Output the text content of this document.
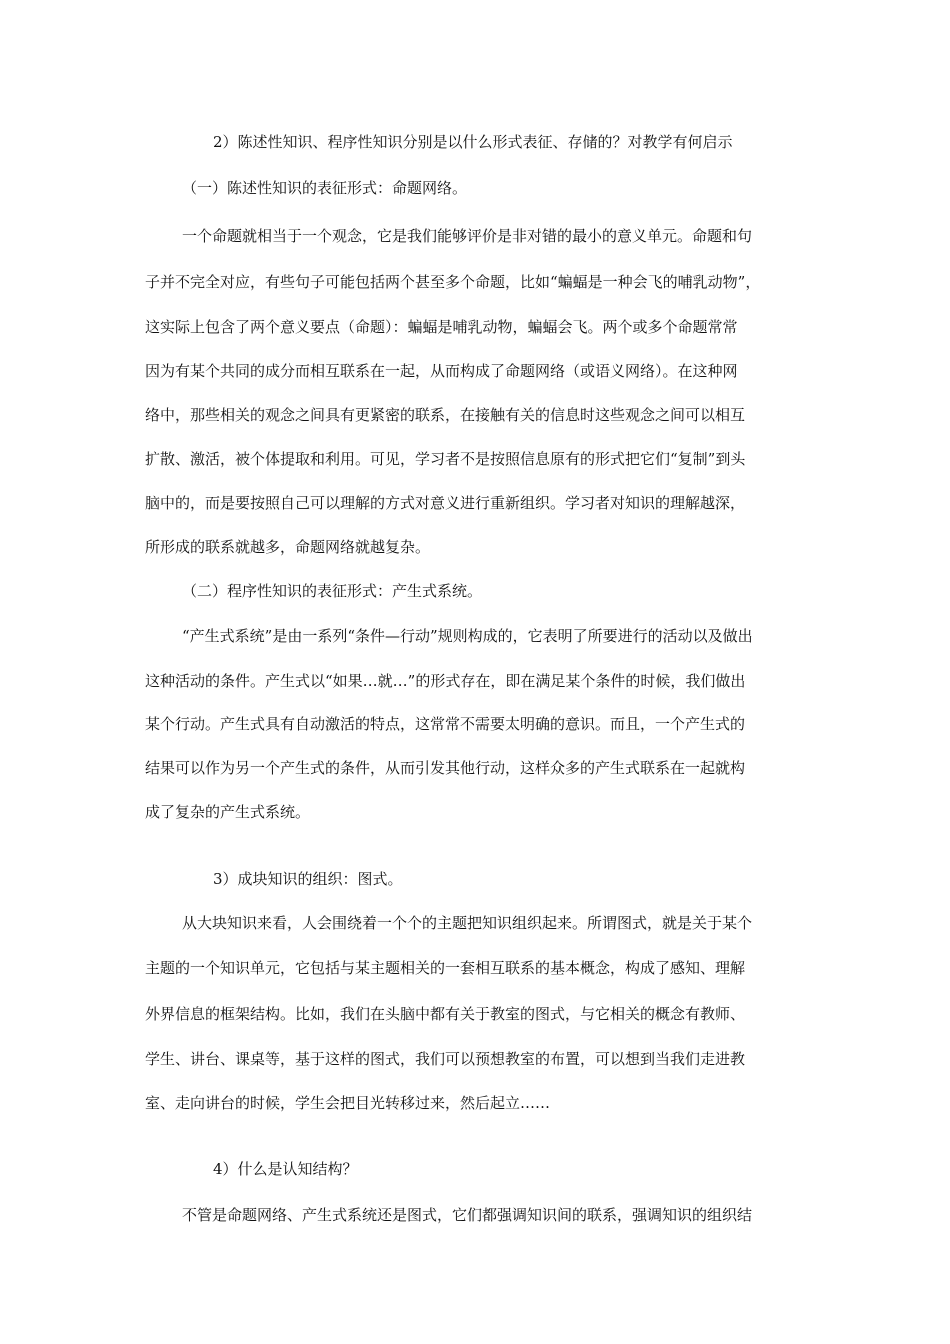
2）陈述性知识、程序性知识分别是以什么形式表征、存储的？对教学有何启示
（一）陈述性知识的表征形式：命题网络。
一个命题就相当于一个观念，它是我们能够评价是非对错的最小的意义单元。命题和句
子并不完全对应，有些句子可能包括两个甚至多个命题，比如“蝙蝠是一种会飞的哺乳动物”，
这实际上包含了两个意义要点（命题）：蝙蝠是哺乳动物，蝙蝠会飞。两个或多个命题常常
因为有某个共同的成分而相互联系在一起，从而构成了命题网络（或语义网络）。在这种网
络中，那些相关的观念之间具有更紧密的联系，在接触有关的信息时这些观念之间可以相互
扩散、激活，被个体提取和利用。可见，学习者不是按照信息原有的形式把它们“复制”到头
脑中的，而是要按照自己可以理解的方式对意义进行重新组织。学习者对知识的理解越深，
所形成的联系就越多，命题网络就越复杂。
（二）程序性知识的表征形式：产生式系统。
“产生式系统”是由一系列“条件—行动”规则构成的，它表明了所要进行的活动以及做出
这种活动的条件。产生式以“如果…就…”的形式存在，即在满足某个条件的时候，我们做出
某个行动。产生式具有自动激活的特点，这常常不需要太明确的意识。而且，一个产生式的
结果可以作为另一个产生式的条件，从而引发其他行动，这样众多的产生式联系在一起就构
成了复杂的产生式系统。
3）成块知识的组织：图式。
从大块知识来看，人会围绕着一个个的主题把知识组织起来。所谓图式，就是关于某个
主题的一个知识单元，它包括与某主题相关的一套相互联系的基本概念，构成了感知、理解
外界信息的框架结构。比如，我们在头脑中都有关于教室的图式，与它相关的概念有教师、
学生、讲台、课桌等，基于这样的图式，我们可以预想教室的布置，可以想到当我们走进教
室、走向讲台的时候，学生会把目光转移过来，然后起立……
4）什么是认知结构？
不管是命题网络、产生式系统还是图式，它们都强调知识间的联系，强调知识的组织结
